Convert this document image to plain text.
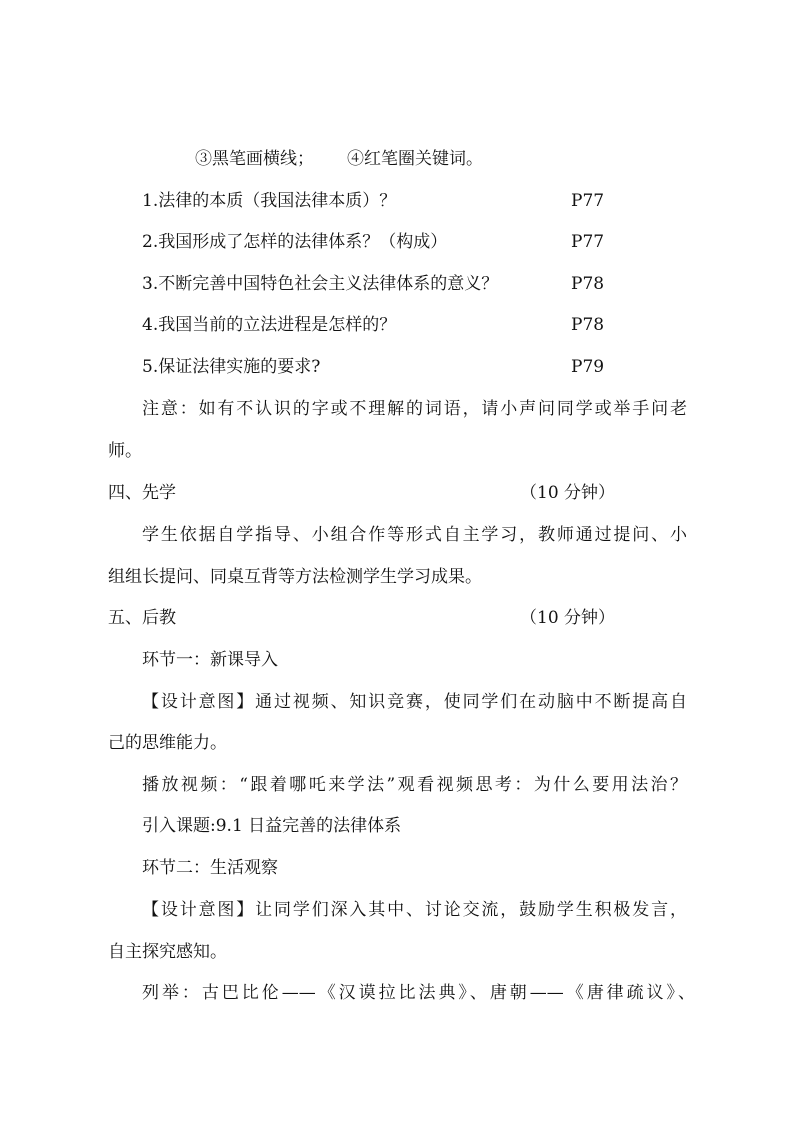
③黑笔画横线； ④红笔圈关键词。
1.法律的本质（我国法律本质）？	P77
2.我国形成了怎样的法律体系？（构成）	P77
3.不断完善中国特色社会主义法律体系的意义？	P78
4.我国当前的立法进程是怎样的？	P78
5.保证法律实施的要求?	P79
注意：如有不认识的字或不理解的词语，请小声问同学或举手问老
师。
四、先学	（10 分钟）
学生依据自学指导、小组合作等形式自主学习，教师通过提问、小
组组长提问、同桌互背等方法检测学生学习成果。
五、后教	（10 分钟）
环节一：新课导入
【设计意图】通过视频、知识竞赛，使同学们在动脑中不断提高自
己的思维能力。
播放视频：“跟着哪吒来学法”观看视频思考：为什么要用法治？
引入课题:9.1 日益完善的法律体系
环节二：生活观察
【设计意图】让同学们深入其中、讨论交流，鼓励学生积极发言，
自主探究感知。
列举：古巴比伦——《汉谟拉比法典》、唐朝——《唐律疏议》、
